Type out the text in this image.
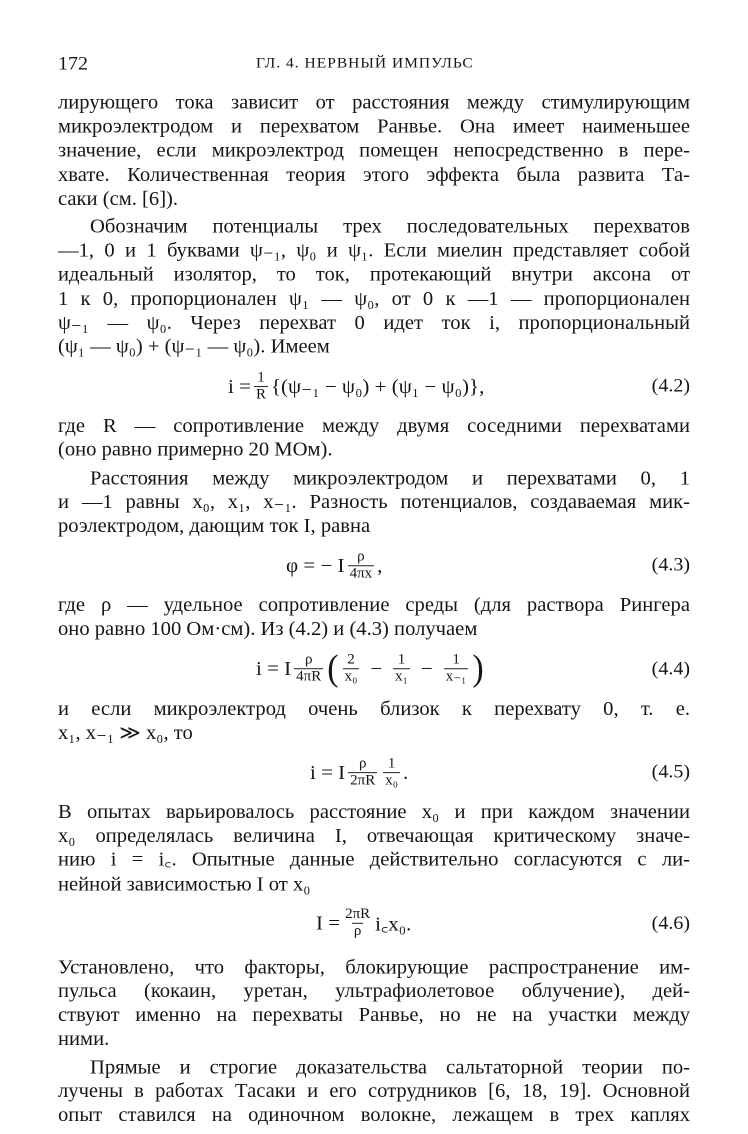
172	ГЛ. 4. НЕРВНЫЙ ИМПУЛЬС
лирующего тока зависит от расстояния между стимулирующим
микроэлектродом и перехватом Ранвье. Она имеет наименьшее
значение, если микроэлектрод помещен непосредственно в пере-
хвате. Количественная теория этого эффекта была развита Та-
саки (см. [6]).
Обозначим потенциалы трех последовательных перехватов
—1, 0 и 1 буквами ψ₋₁, ψ₀ и ψ₁. Если миелин представляет собой
идеальный изолятор, то ток, протекающий внутри аксона от
1 к 0, пропорционален ψ₁ — ψ₀, от 0 к —1 — пропорционален
ψ₋₁ — ψ₀. Через перехват 0 идет ток i, пропорциональный
(ψ₁ — ψ₀) + (ψ₋₁ — ψ₀). Имеем
$i = \frac{1}{R} \{(\psi_{-1} - \psi_0) + (\psi_1 - \psi_0)\}$,	(4.2)
где R — сопротивление между двумя соседними перехватами
(оно равно примерно 20 МОм).
Расстояния между микроэлектродом и перехватами 0, 1
и —1 равны x₀, x₁, x₋₁. Разность потенциалов, создаваемая мик-
роэлектродом, дающим ток I, равна
φ = − I $\frac{\rho}{4\pi x}$ ,	(4.3)
где ρ — удельное сопротивление среды (для раствора Рингера
оно равно 100 Ом·см). Из (4.2) и (4.3) получаем
i = I $\frac{\rho}{4\pi R}$ ( $\frac{2}{\text{x₀}} - \frac{1}{\text{x₁}} - \frac{1}{\text{x₋₁}}$ )	(4.4)
и если микроэлектрод очень близок к перехвату 0, т. е.
x₁, x₋₁ ≫ x₀, то
i = I $\frac{\rho}{2\pi R} \frac{1}{\text{x₀}}$ .	(4.5)
В опытах варьировалось расстояние x₀ и при каждом значении
x₀ определялась величина I, отвечающая критическому значе-
нию i = i꜀. Опытные данные действительно согласуются с ли-
нейной зависимостью I от x₀
$I = \frac{2\pi R}{\rho}$ i꜀x₀.	(4.6)
Установлено, что факторы, блокирующие распространение им-
пульса (кокаин, уретан, ультрафиолетовое облучение), дей-
ствуют именно на перехваты Ранвье, но не на участки между
ними.
Прямые и строгие доказательства сальтаторной теории по-
лучены в работах Тасаки и его сотрудников [6, 18, 19]. Основной
опыт ставился на одиночном волокне, лежащем в трех каплях
